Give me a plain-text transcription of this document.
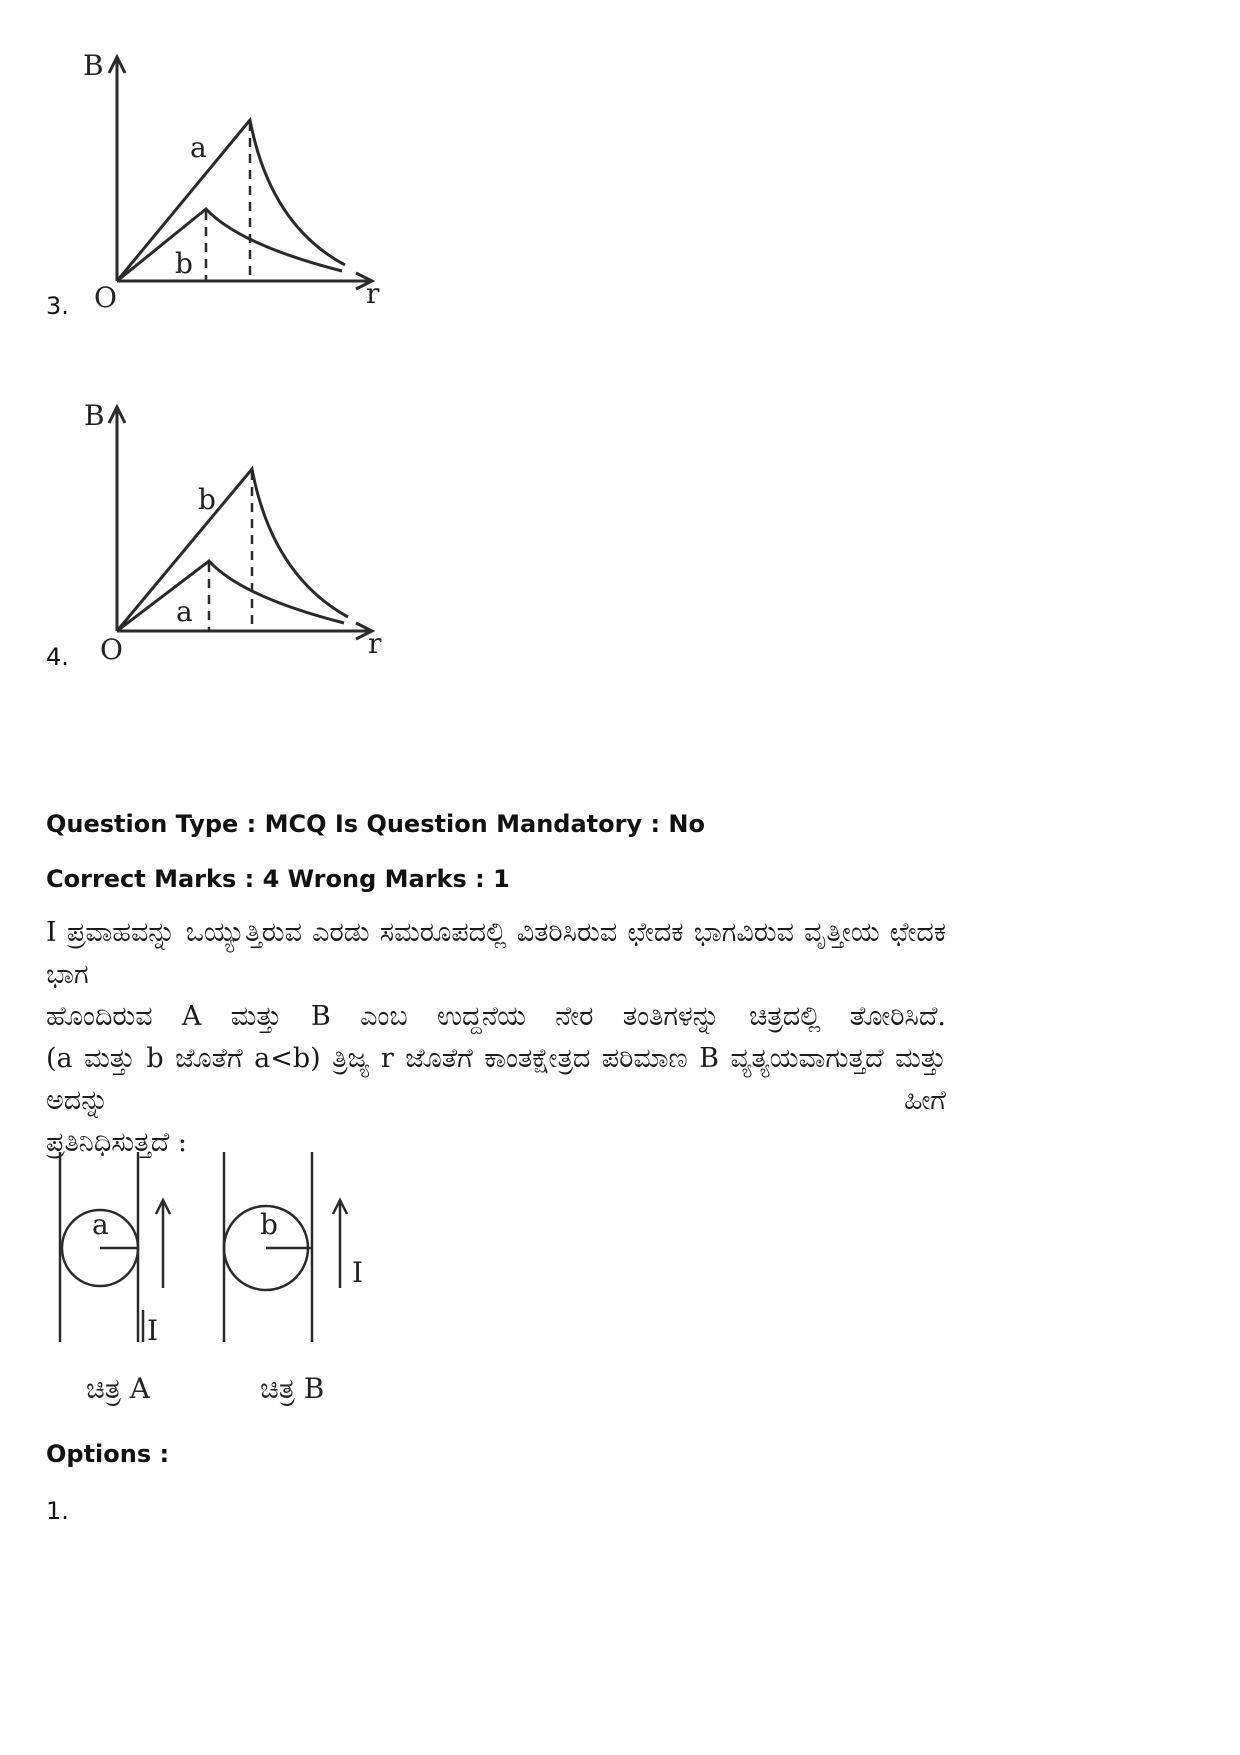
3.
B
r
O
a
b
4.
B
r
O
b
a
Question Type : MCQ Is Question Mandatory : No
Correct Marks : 4 Wrong Marks : 1
I ಪ್ರವಾಹವನ್ನು ಒಯ್ಯುತ್ತಿರುವ ಎರಡು ಸಮರೂಪದಲ್ಲಿ ವಿತರಿಸಿರುವ ಛೇದಕ ಭಾಗವಿರುವ ವೃತ್ತೀಯ ಛೇದಕ ಭಾಗ
ಹೊಂದಿರುವ A ಮತ್ತು B ಎಂಬ ಉದ್ದನೆಯ ನೇರ ತಂತಿಗಳನ್ನು ಚಿತ್ರದಲ್ಲಿ ತೋರಿಸಿದೆ.
(a ಮತ್ತು b ಜೊತೆಗೆ a<b) ತ್ರಿಜ್ಯ r ಜೊತೆಗೆ ಕಾಂತಕ್ಷೇತ್ರದ ಪರಿಮಾಣ B ವ್ಯತ್ಯಯವಾಗುತ್ತದೆ ಮತ್ತು ಅದನ್ನು ಹೀಗೆ
ಪ್ರತಿನಿಧಿಸುತ್ತದೆ :
a
I
ಚಿತ್ರ A
b
I
ಚಿತ್ರ B
Options :
1.
